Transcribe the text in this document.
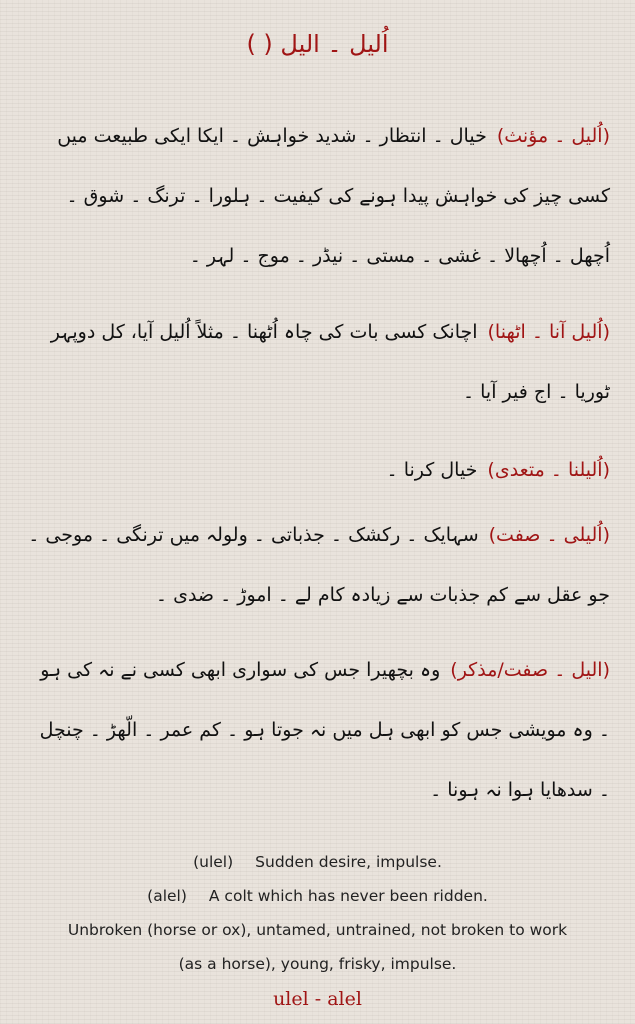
اُلیل ۔ الیل ( )
(اُلیل ۔ مؤنث)خیال ۔ انتظار ۔ شدید خواہش ۔ ایکا ایکی طبیعت میں کسی چیز کی خواہش پیدا ہونے کی کیفیت ۔ ہلورا ۔ ترنگ ۔ شوق ۔ اُچھل ۔ اُچھالا ۔ غشی ۔ مستی ۔ نیڈر ۔ موج ۔ لہر ۔
(اُلیل آنا ۔ اٹھنا)اچانک کسی بات کی چاہ اُٹھنا ۔ مثلاً اُلیل آیا، کل دوپہر ٹوریا ۔ اج فیر آیا ۔
(اُلیلنا ۔ متعدی)خیال کرنا ۔
(اُلیلی ۔ صفت)سہایک ۔ رکشک ۔ جذباتی ۔ ولولہ میں ترنگی ۔ موجی ۔ جو عقل سے کم جذبات سے زیادہ کام لے ۔ اموڑ ۔ ضدی ۔
(الیل ۔ صفت/مذکر)وہ بچھیرا جس کی سواری ابھی کسی نے نہ کی ہو ۔ وہ مویشی جس کو ابھی ہل میں نہ جوتا ہو ۔ کم عمر ۔ الّھڑ ۔ چنچل ۔ سدھایا ہوا نہ ہونا ۔
(ulel) Sudden desire, impulse.
(alel) A colt which has never been ridden.
Unbroken (horse or ox), untamed, untrained, not broken to work
(as a horse), young, frisky, impulse.
ulel - alel
